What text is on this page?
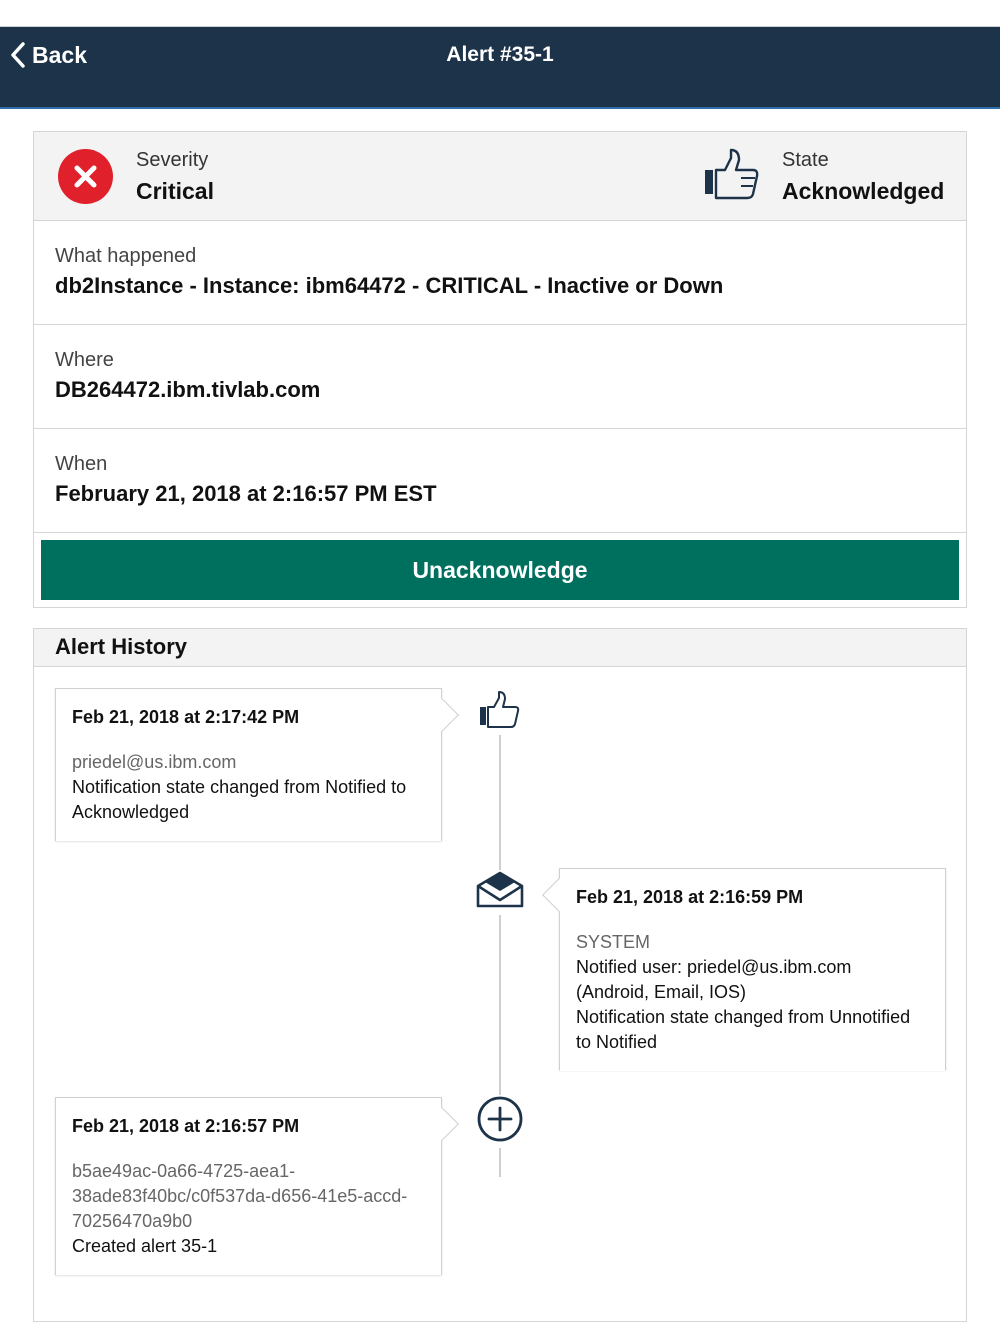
Back	Alert #35-1
Severity
Critical
State
Acknowledged
What happened
db2Instance - Instance: ibm64472 - CRITICAL - Inactive or Down
Where
DB264472.ibm.tivlab.com
When
February 21, 2018 at 2:16:57 PM EST
Unacknowledge
Alert History
Feb 21, 2018 at 2:17:42 PM
priedel@us.ibm.com
Notification state changed from Notified to
Acknowledged
Feb 21, 2018 at 2:16:59 PM
SYSTEM
Notified user: priedel@us.ibm.com
(Android, Email, IOS)
Notification state changed from Unnotified
to Notified
Feb 21, 2018 at 2:16:57 PM
b5ae49ac-0a66-4725-aea1-
38ade83f40bc/c0f537da-d656-41e5-accd-
70256470a9b0
Created alert 35-1
